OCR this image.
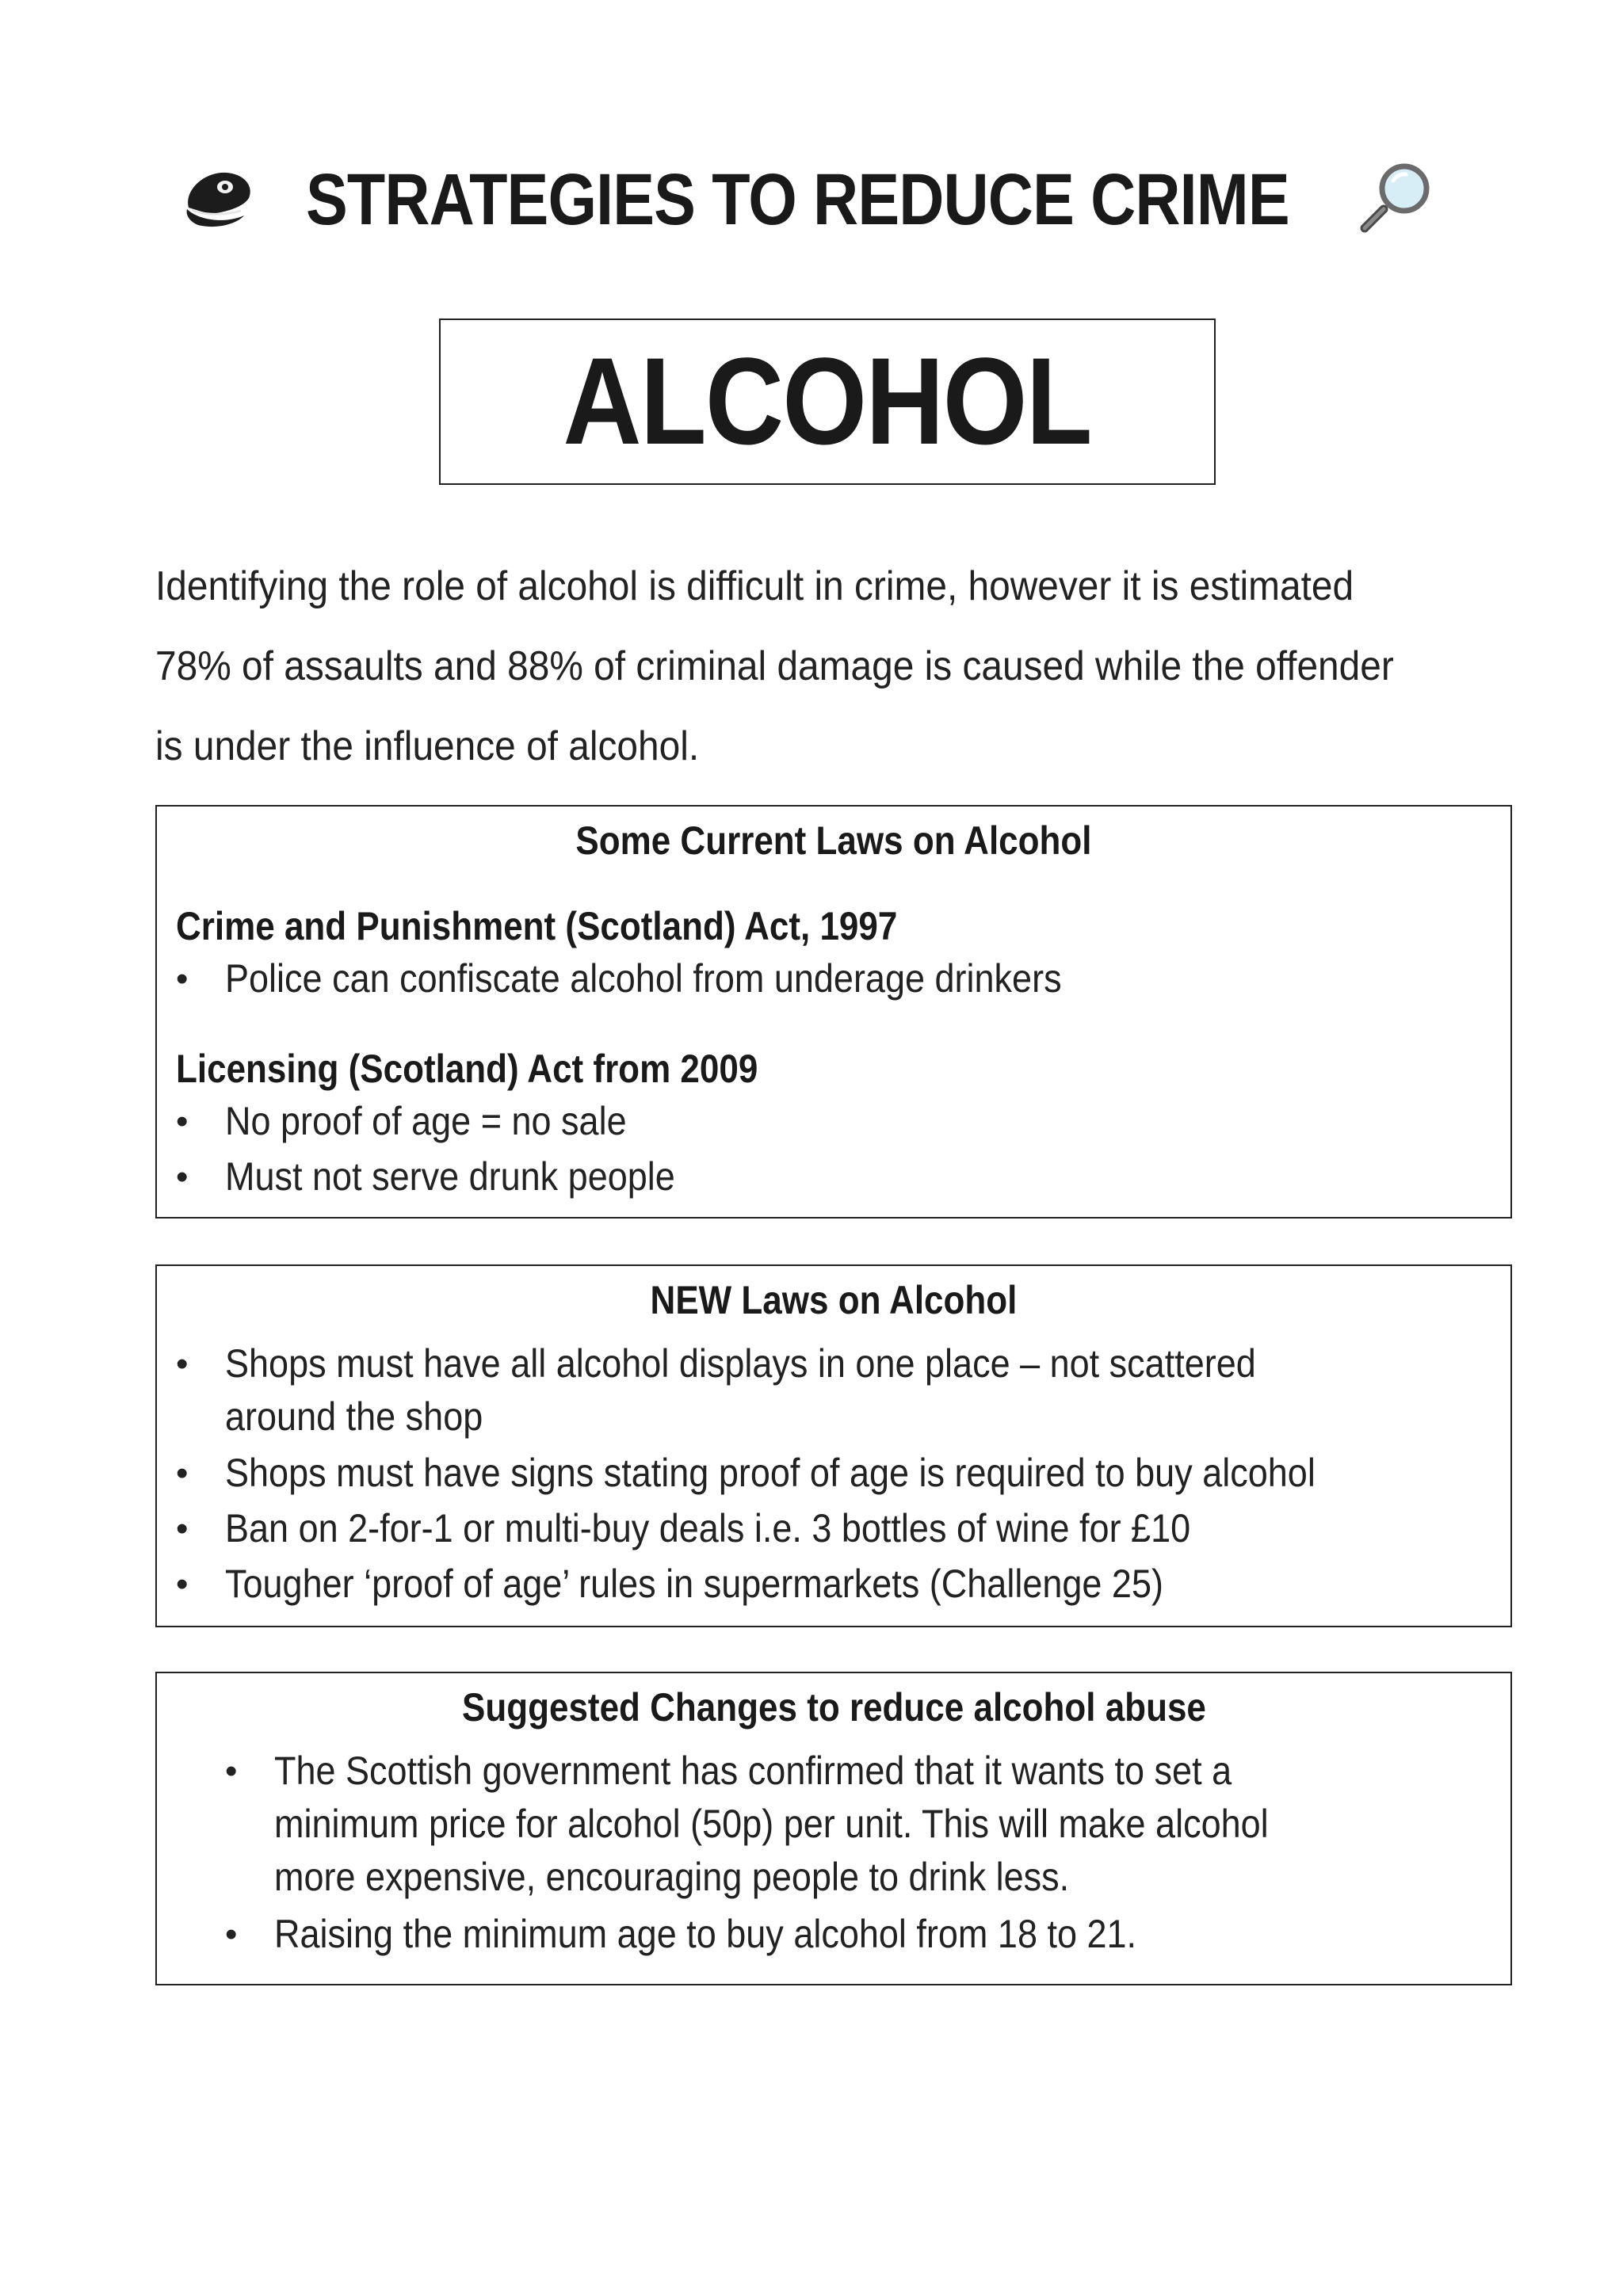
STRATEGIES TO REDUCE CRIME
ALCOHOL

Identifying the role of alcohol is difficult in crime, however it is estimated

78% of assaults and 88% of criminal damage is caused while the offender

is under the influence of alcohol.

Some Current Laws on Alcohol
Crime and Punishment (Scotland) Act, 1997
• Police can confiscate alcohol from underage drinkers
Licensing (Scotland) Act from 2009
• No proof of age = no sale
• Must not serve drunk people
NEW Laws on Alcohol
• Shops must have all alcohol displays in one place – not scattered
around the shop
• Shops must have signs stating proof of age is required to buy alcohol
• Ban on 2-for-1 or multi-buy deals i.e. 3 bottles of wine for £10
• Tougher ‘proof of age’ rules in supermarkets (Challenge 25)
Suggested Changes to reduce alcohol abuse
• The Scottish government has confirmed that it wants to set a
minimum price for alcohol (50p) per unit. This will make alcohol
more expensive, encouraging people to drink less.
• Raising the minimum age to buy alcohol from 18 to 21.
